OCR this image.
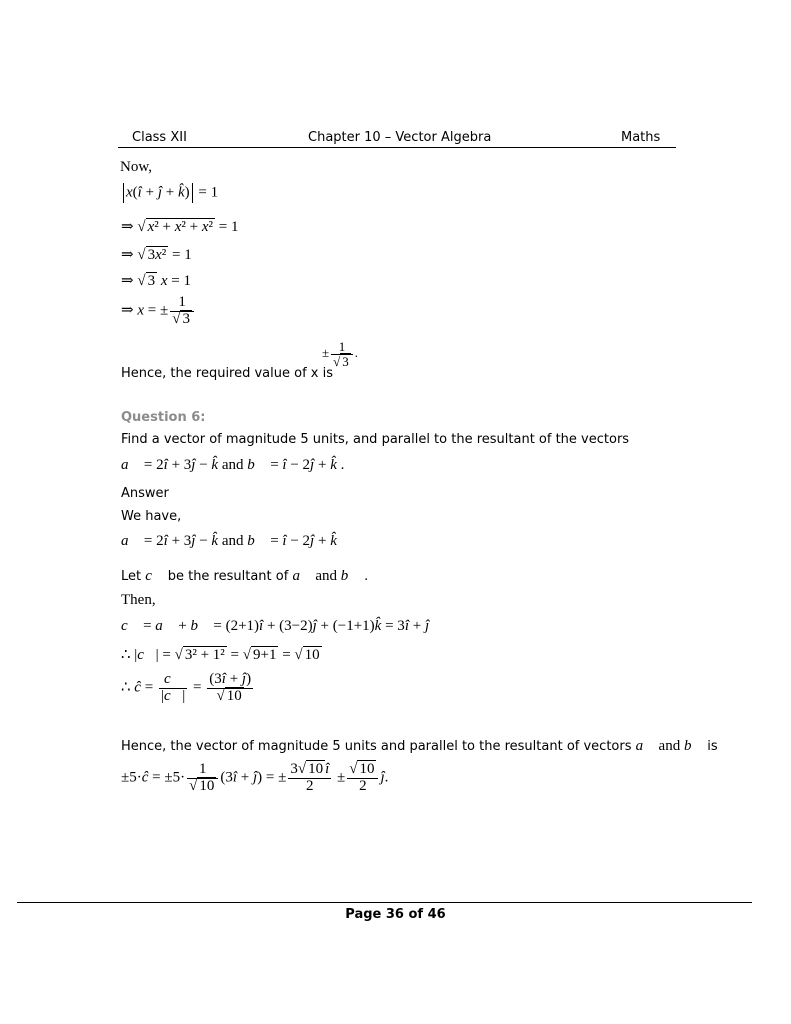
Class XII	Chapter 10 – Vector Algebra	Maths
Now,
x(î + ĵ + k̂) = 1
⇒ √ x² + x² + x² = 1
⇒ √ 3x² = 1
⇒ √ 3 x = 1
⇒ x = ± $\frac{1}{√ 3}$
Hence, the required value of x is
± $\frac{1}{√ 3}$ .
Question 6:
Find a vector of magnitude 5 units, and parallel to the resultant of the vectors
a⃗ = 2î + 3ĵ − k̂ and b⃗ = î − 2ĵ + k̂ .
Answer
We have,
a⃗ = 2î + 3ĵ − k̂ and b⃗ = î − 2ĵ + k̂
Let c⃗ be the resultant of a⃗ and b⃗ .
Then,
c⃗ = a⃗ + b⃗ = (2+1)î + (3−2)ĵ + (−1+1)k̂ = 3î + ĵ
∴ |c⃗| = √ 3² + 1² = √ 9+1 = √ 10
∴ ĉ = $\frac{c⃗}{|c⃗|} = \frac{(3î + ĵ)}{√ 10}$
Hence, the vector of magnitude 5 units and parallel to the resultant of vectors a⃗ and b⃗ is
±5·ĉ = $\pm 5\cdot \frac{1}{√ 10}$ (3î + ĵ) = ± $\frac{3√ 10 î}{2} \pm \frac{√ 10}{2}$ ĵ.
Page 36 of 46
